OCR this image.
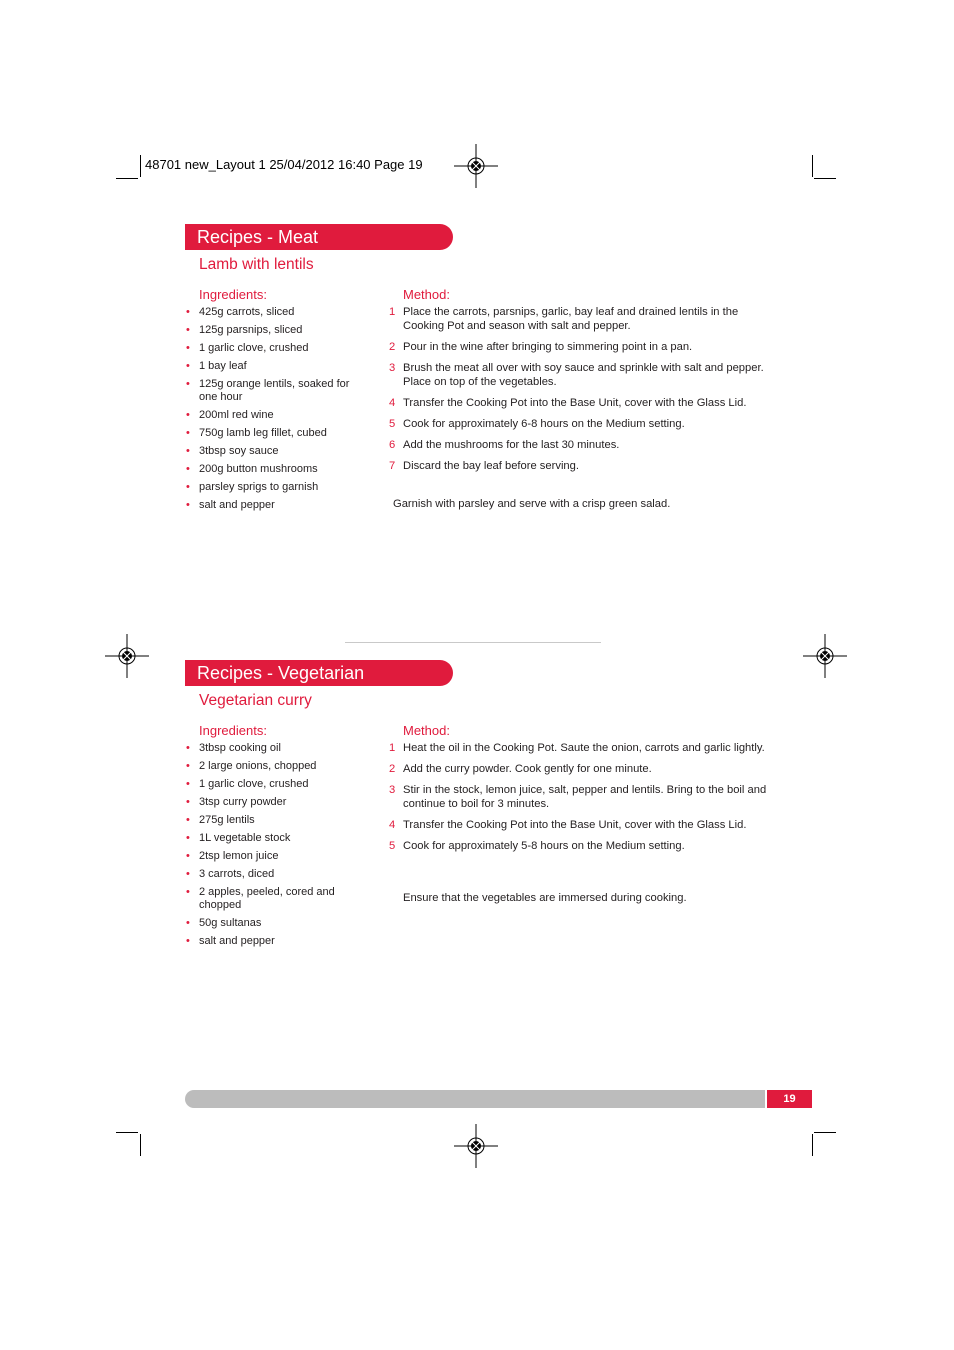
48701 new_Layout 1 25/04/2012 16:40 Page 19
Recipes - Meat
Lamb with lentils
Ingredients:	Method:
• 425g carrots, sliced
• 125g parsnips, sliced
• 1 garlic clove, crushed
• 1 bay leaf
• 125g orange lentils, soaked for one hour
• 200ml red wine
• 750g lamb leg fillet, cubed
• 3tbsp soy sauce
• 200g button mushrooms
• parsley sprigs to garnish
• salt and pepper
1 Place the carrots, parsnips, garlic, bay leaf and drained lentils in the Cooking Pot and season with salt and pepper.
2 Pour in the wine after bringing to simmering point in a pan.
3 Brush the meat all over with soy sauce and sprinkle with salt and pepper. Place on top of the vegetables.
4 Transfer the Cooking Pot into the Base Unit, cover with the Glass Lid.
5 Cook for approximately 6-8 hours on the Medium setting.
6 Add the mushrooms for the last 30 minutes.
7 Discard the bay leaf before serving.
Garnish with parsley and serve with a crisp green salad.
Recipes - Vegetarian
Vegetarian curry
Ingredients:	Method:
• 3tbsp cooking oil
• 2 large onions, chopped
• 1 garlic clove, crushed
• 3tsp curry powder
• 275g lentils
• 1L vegetable stock
• 2tsp lemon juice
• 3 carrots, diced
• 2 apples, peeled, cored and chopped
• 50g sultanas
• salt and pepper
1 Heat the oil in the Cooking Pot. Saute the onion, carrots and garlic lightly.
2 Add the curry powder. Cook gently for one minute.
3 Stir in the stock, lemon juice, salt, pepper and lentils. Bring to the boil and continue to boil for 3 minutes.
4 Transfer the Cooking Pot into the Base Unit, cover with the Glass Lid.
5 Cook for approximately 5-8 hours on the Medium setting.
Ensure that the vegetables are immersed during cooking.
19
